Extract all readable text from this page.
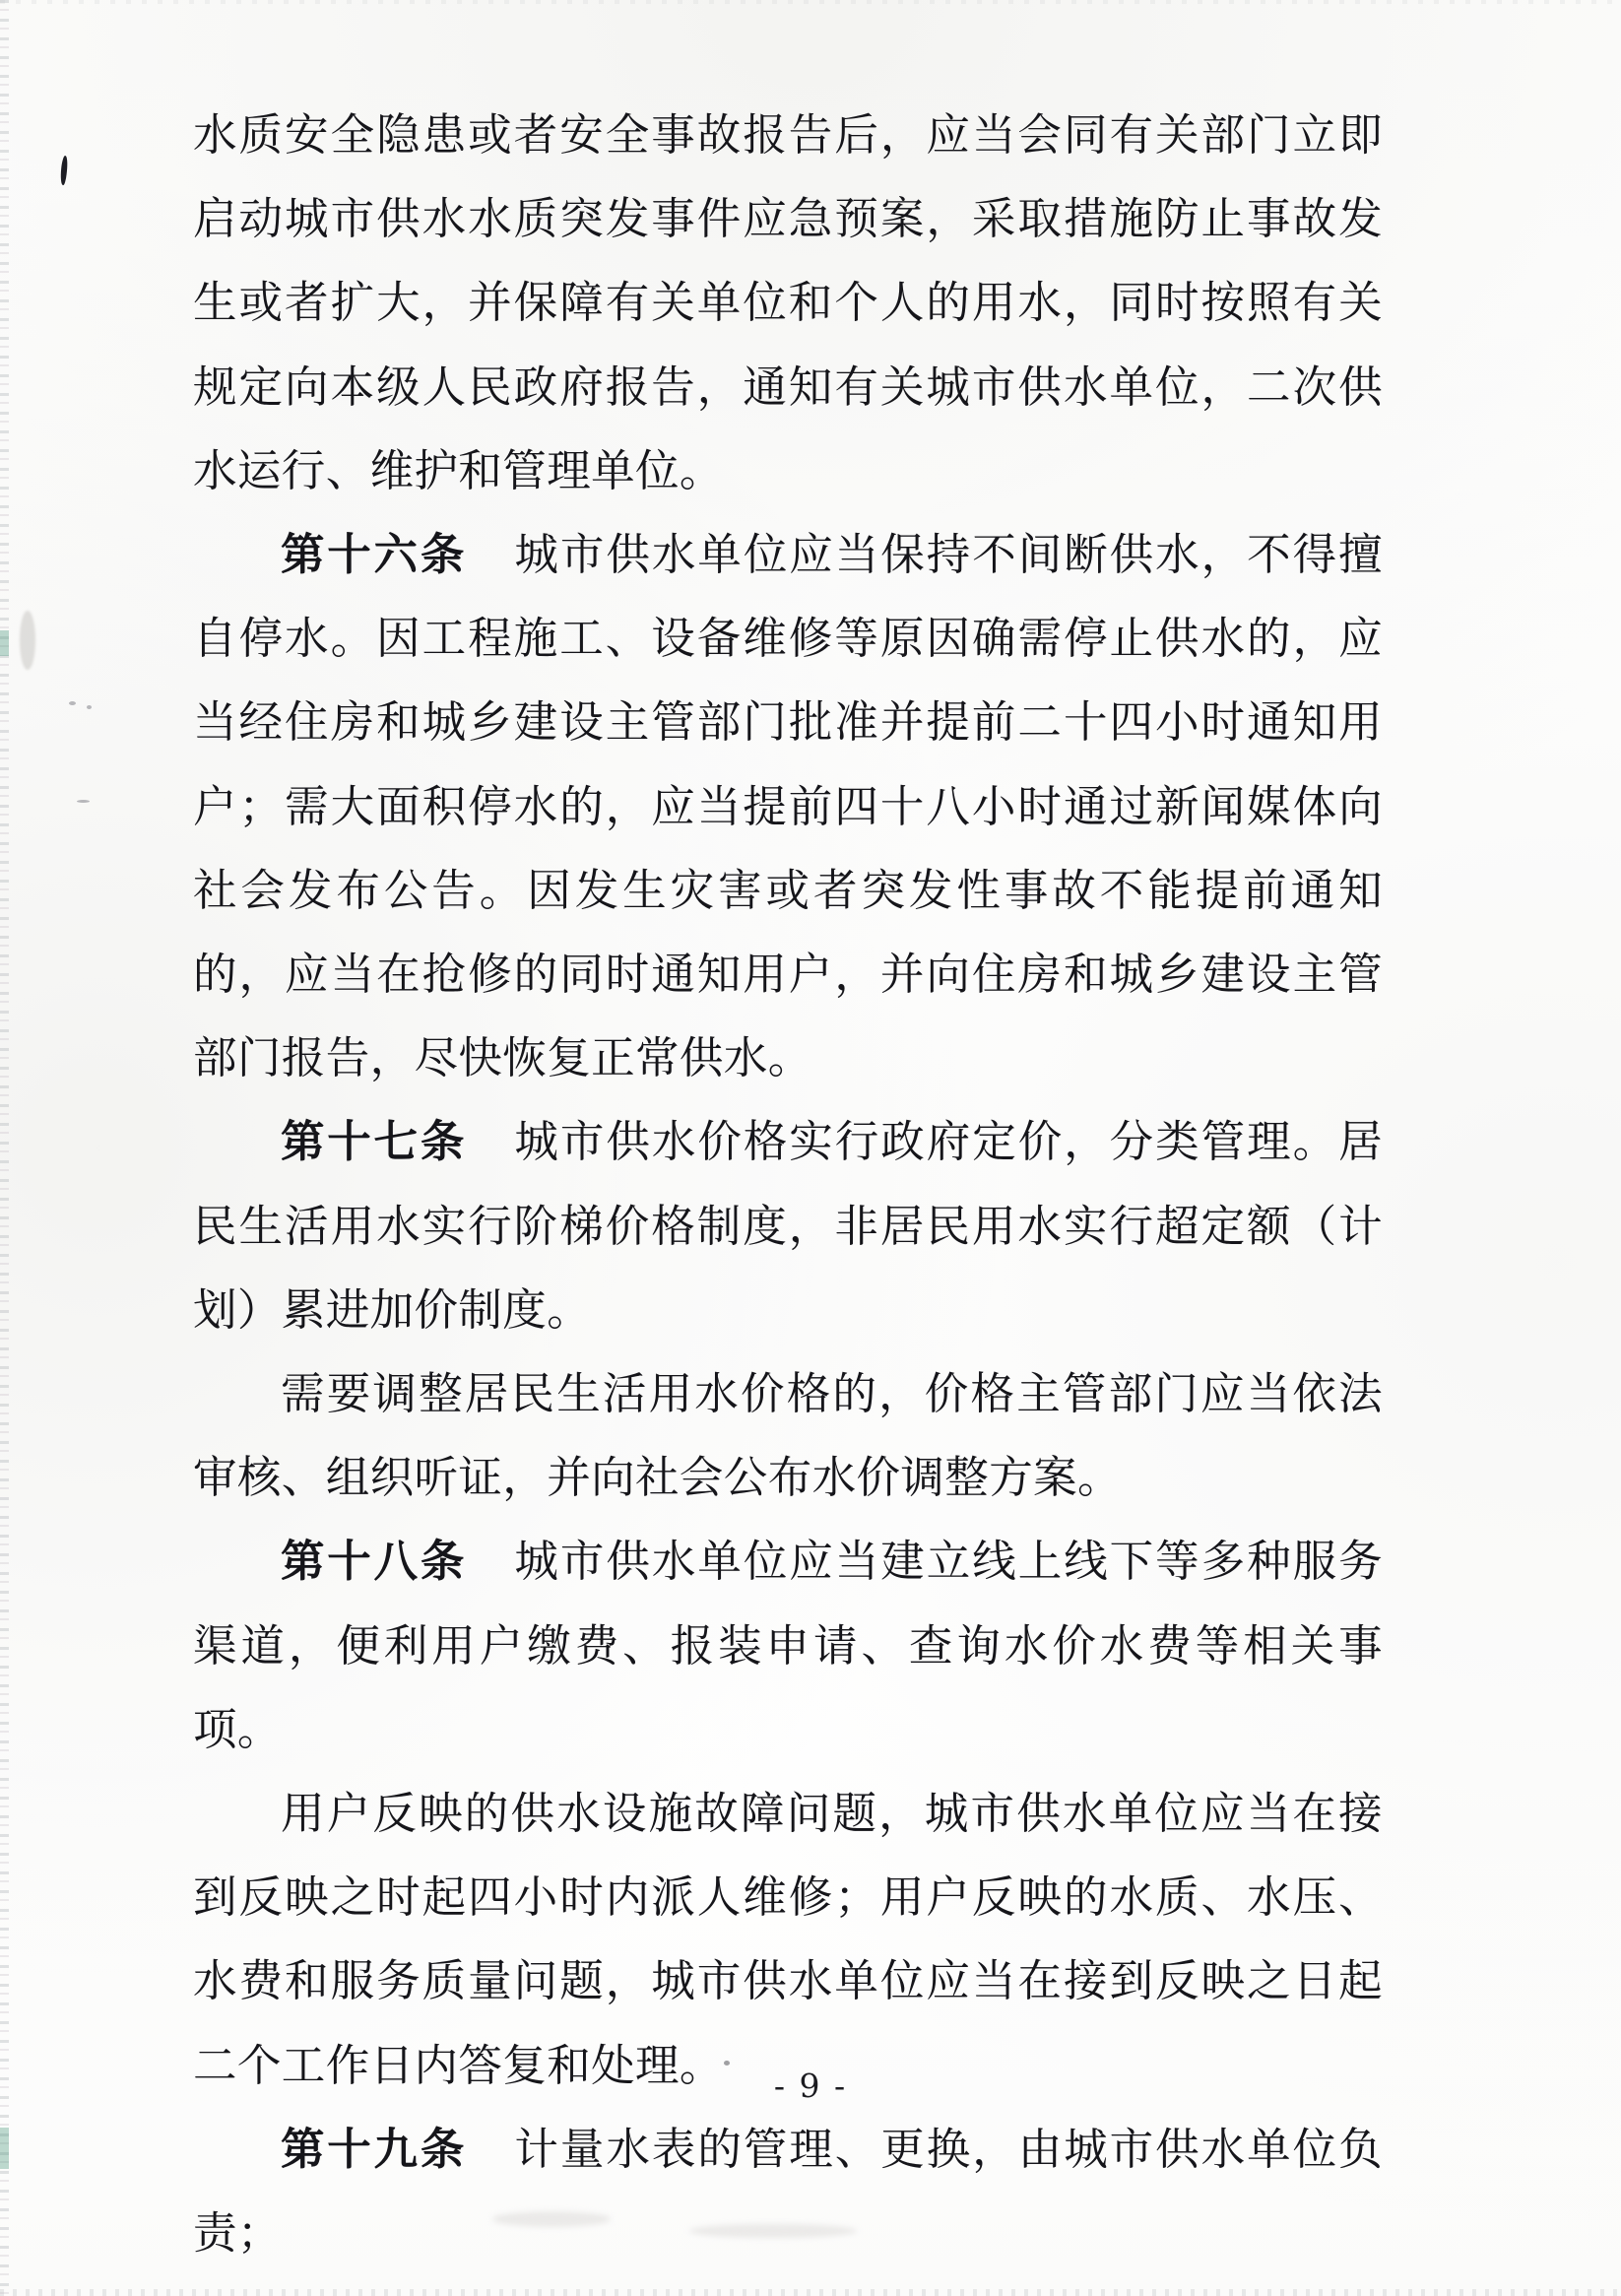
水质安全隐患或者安全事故报告后，应当会同有关部门立即启动城市供水水质突发事件应急预案，采取措施防止事故发生或者扩大，并保障有关单位和个人的用水，同时按照有关规定向本级人民政府报告，通知有关城市供水单位，二次供水运行、维护和管理单位。

第十六条 城市供水单位应当保持不间断供水，不得擅自停水。因工程施工、设备维修等原因确需停止供水的，应当经住房和城乡建设主管部门批准并提前二十四小时通知用户；需大面积停水的，应当提前四十八小时通过新闻媒体向社会发布公告。因发生灾害或者突发性事故不能提前通知的，应当在抢修的同时通知用户，并向住房和城乡建设主管部门报告，尽快恢复正常供水。

第十七条 城市供水价格实行政府定价，分类管理。居民生活用水实行阶梯价格制度，非居民用水实行超定额（计划）累进加价制度。

需要调整居民生活用水价格的，价格主管部门应当依法审核、组织听证，并向社会公布水价调整方案。

第十八条 城市供水单位应当建立线上线下等多种服务渠道，便利用户缴费、报装申请、查询水价水费等相关事项。

用户反映的供水设施故障问题，城市供水单位应当在接到反映之时起四小时内派人维修；用户反映的水质、水压、水费和服务质量问题，城市供水单位应当在接到反映之日起二个工作日内答复和处理。

第十九条 计量水表的管理、更换，由城市供水单位负责；

- 9 -
